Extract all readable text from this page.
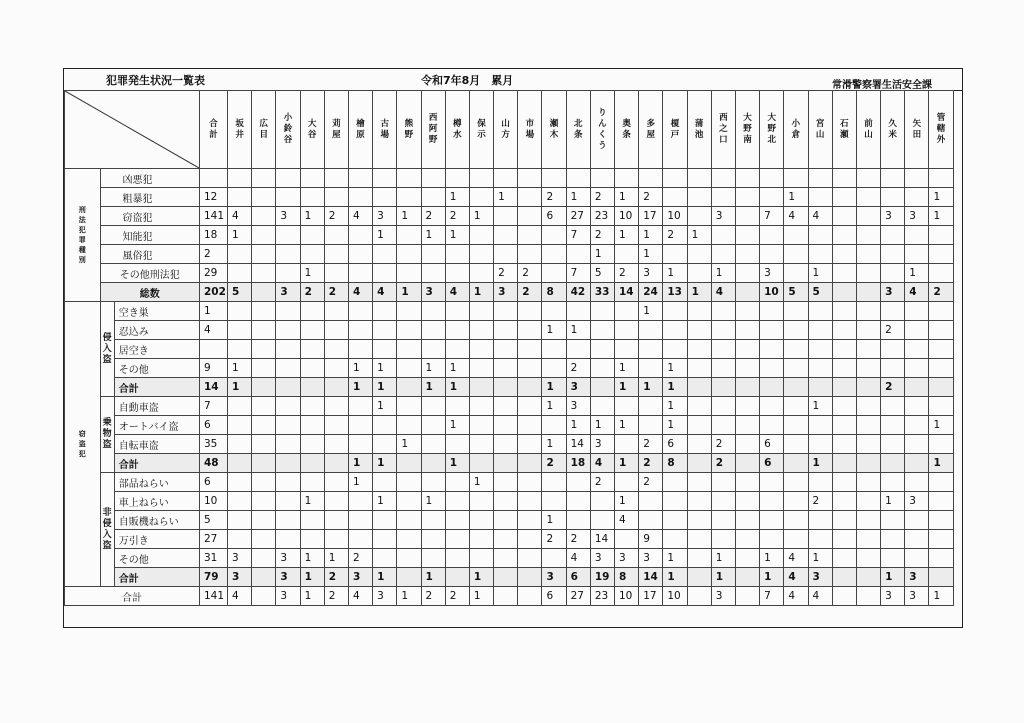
犯罪発生状況一覧表	令和7年8月　累月	常滑警察署生活安全課
	合計	坂井	広目	小鈴谷	大谷	苅屋	檜原	古場	熊野	西阿野	樽水	保示	山方	市場	瀬木	北条	りんくう	奥条	多屋	榎戸	蒲池	西之口	大野南	大野北	小倉	宮山	石瀬	前山	久米	矢田	管轄外
刑法犯罪種別	凶悪犯																																
	粗暴犯		12										1		1		2	1	2	1	2						1						1
	窃盗犯		141	4		3	1	2	4	3	1	2	2	1			6	27	23	10	17	10		3		7	4	4			3	3	1
	知能犯		18	1						1		1	1					7	2	1	1	2	1										
	風俗犯		2																1		1												
	その他刑法犯		29				1								2	2		7	5	2	3	1		1		3		1				1	
	総数		202	5		3	2	2	4	4	1	3	4	1	3	2	8	42	33	14	24	13	1	4		10	5	5			3	4	2
窃盗犯	侵入盗	空き巣	1																		1												
		忍込み	4														1	1													2		
		居空き																															
		その他	9	1					1	1		1	1					2		1		1											
		合計	14	1					1	1		1	1				1	3		1	1	1									2		
	乗物盗	自動車盗	7							1							1	3				1						1					
		オートバイ盗	6										1					1	1	1		1											1
		自転車盗	35								1						1	14	3		2	6		2		6							
		合計	48						1	1			1				2	18	4	1	2	8		2		6		1					1
	非侵入盗	部品ねらい	6						1					1					2		2												
		車上ねらい	10				1			1		1								1								2			1	3	
		自販機ねらい	5														1			4													
		万引き	27														2	2	14		9												
		その他	31	3		3	1	1	2									4	3	3	3	1		1		1	4	1					
		合計	79	3		3	1	2	3	1		1		1			3	6	19	8	14	1		1		1	4	3			1	3	
合計			141	4		3	1	2	4	3	1	2	2	1			6	27	23	10	17	10		3		7	4	4			3	3	1
